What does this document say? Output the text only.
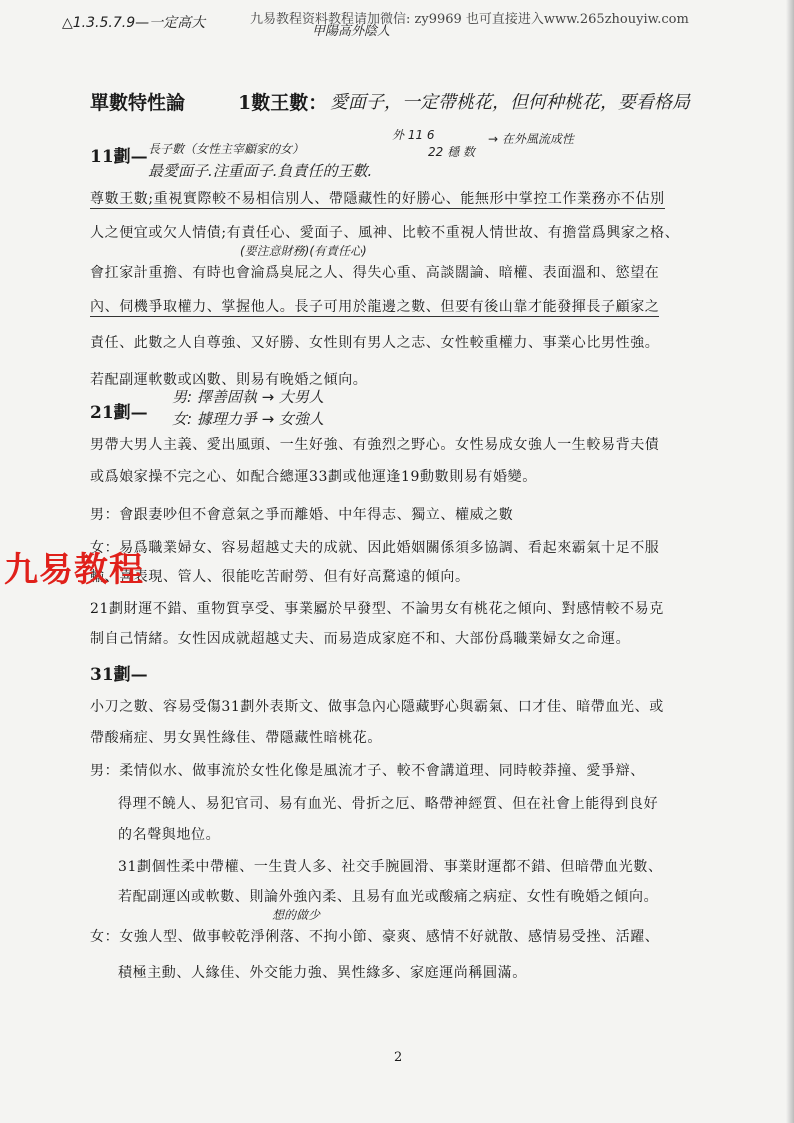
△1.3.5.7.9—一定高大	九易教程资料教程请加微信: zy9969 也可直接进入www.265zhouyiw.com
甲陽高外陰人
單數特性論	1數王數： 愛面子，一定帶桃花，但何种桃花，要看格局
外 11 6
22 穩 数
→ 在外風流成性
11劃— 長子數（女性主宰顧家的女）
最愛面子.注重面子.負責任的王數.
尊數王數;重視實際較不易相信別人、帶隱藏性的好勝心、能無形中掌控工作業務亦不佔別
人之便宜或欠人情債;有責任心、愛面子、風神、比較不重視人情世故、有擔當爲興家之格、
(要注意財務)(有責任心)
會扛家計重擔、有時也會淪爲臭屁之人、得失心重、高談闊論、暗權、表面溫和、慾望在
內、伺機爭取權力、掌握他人。長子可用於龍邊之數、但要有後山靠才能發揮長子顧家之
責任、此數之人自尊強、又好勝、女性則有男人之志、女性較重權力、事業心比男性強。
若配副運軟數或凶數、則易有晚婚之傾向。
21劃—
男: 擇善固執 → 大男人
女: 據理力爭 → 女強人
男帶大男人主義、愛出風頭、一生好強、有強烈之野心。女性易成女強人一生較易背夫債
或爲娘家操不完之心、如配合總運33劃或他運逢19動數則易有婚變。
男：會跟妻吵但不會意氣之爭而離婚、中年得志、獨立、權威之數
女：易爲職業婦女、容易超越丈夫的成就、因此婚姻關係須多協調、看起來霸氣十足不服
輸、喜表現、管人、很能吃苦耐勞、但有好高騖遠的傾向。
九易教程
21劃財運不錯、重物質享受、事業屬於早發型、不論男女有桃花之傾向、對感情較不易克
制自己情緒。女性因成就超越丈夫、而易造成家庭不和、大部份爲職業婦女之命運。
31劃—
小刀之數、容易受傷31劃外表斯文、做事急內心隱藏野心與霸氣、口才佳、暗帶血光、或
帶酸痛症、男女異性緣佳、帶隱藏性暗桃花。
男：柔情似水、做事流於女性化像是風流才子、較不會講道理、同時較莽撞、愛爭辯、
得理不饒人、易犯官司、易有血光、骨折之厄、略帶神經質、但在社會上能得到良好
的名聲與地位。
31劃個性柔中帶權、一生貴人多、社交手腕圓滑、事業財運都不錯、但暗帶血光數、
若配副運凶或軟數、則論外強內柔、且易有血光或酸痛之病症、女性有晚婚之傾向。
想的做少
女：女強人型、做事較乾淨俐落、不拘小節、豪爽、感情不好就散、感情易受挫、活躍、
積極主動、人緣佳、外交能力強、異性緣多、家庭運尚稱圓滿。
2
